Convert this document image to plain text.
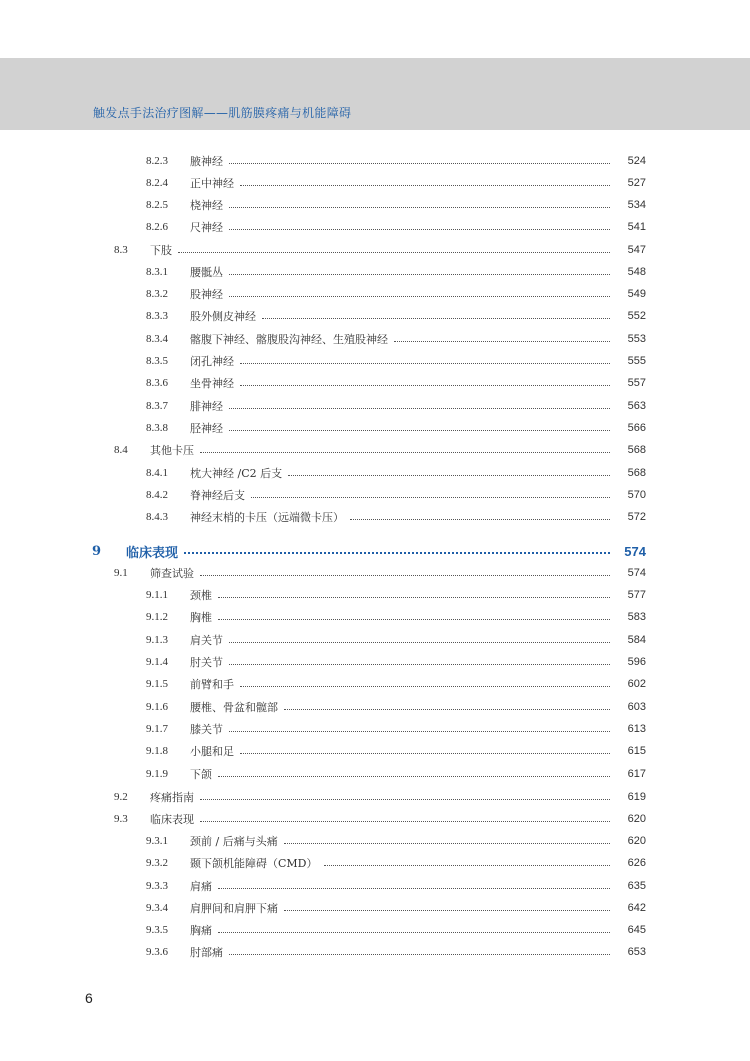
触发点手法治疗图解——肌筋膜疼痛与机能障碍
8.2.3	腋神经	524
8.2.4	正中神经	527
8.2.5	桡神经	534
8.2.6	尺神经	541
8.3	下肢	547
8.3.1	腰骶丛	548
8.3.2	股神经	549
8.3.3	股外侧皮神经	552
8.3.4	髂腹下神经、髂腹股沟神经、生殖股神经	553
8.3.5	闭孔神经	555
8.3.6	坐骨神经	557
8.3.7	腓神经	563
8.3.8	胫神经	566
8.4	其他卡压	568
8.4.1	枕大神经 /C2 后支	568
8.4.2	脊神经后支	570
8.4.3	神经末梢的卡压（远端微卡压）	572
9	临床表现	574
9.1	筛查试验	574
9.1.1	颈椎	577
9.1.2	胸椎	583
9.1.3	肩关节	584
9.1.4	肘关节	596
9.1.5	前臂和手	602
9.1.6	腰椎、骨盆和髋部	603
9.1.7	膝关节	613
9.1.8	小腿和足	615
9.1.9	下颌	617
9.2	疼痛指南	619
9.3	临床表现	620
9.3.1	颈前 / 后痛与头痛	620
9.3.2	颞下颌机能障碍（CMD）	626
9.3.3	肩痛	635
9.3.4	肩胛间和肩胛下痛	642
9.3.5	胸痛	645
9.3.6	肘部痛	653
6
